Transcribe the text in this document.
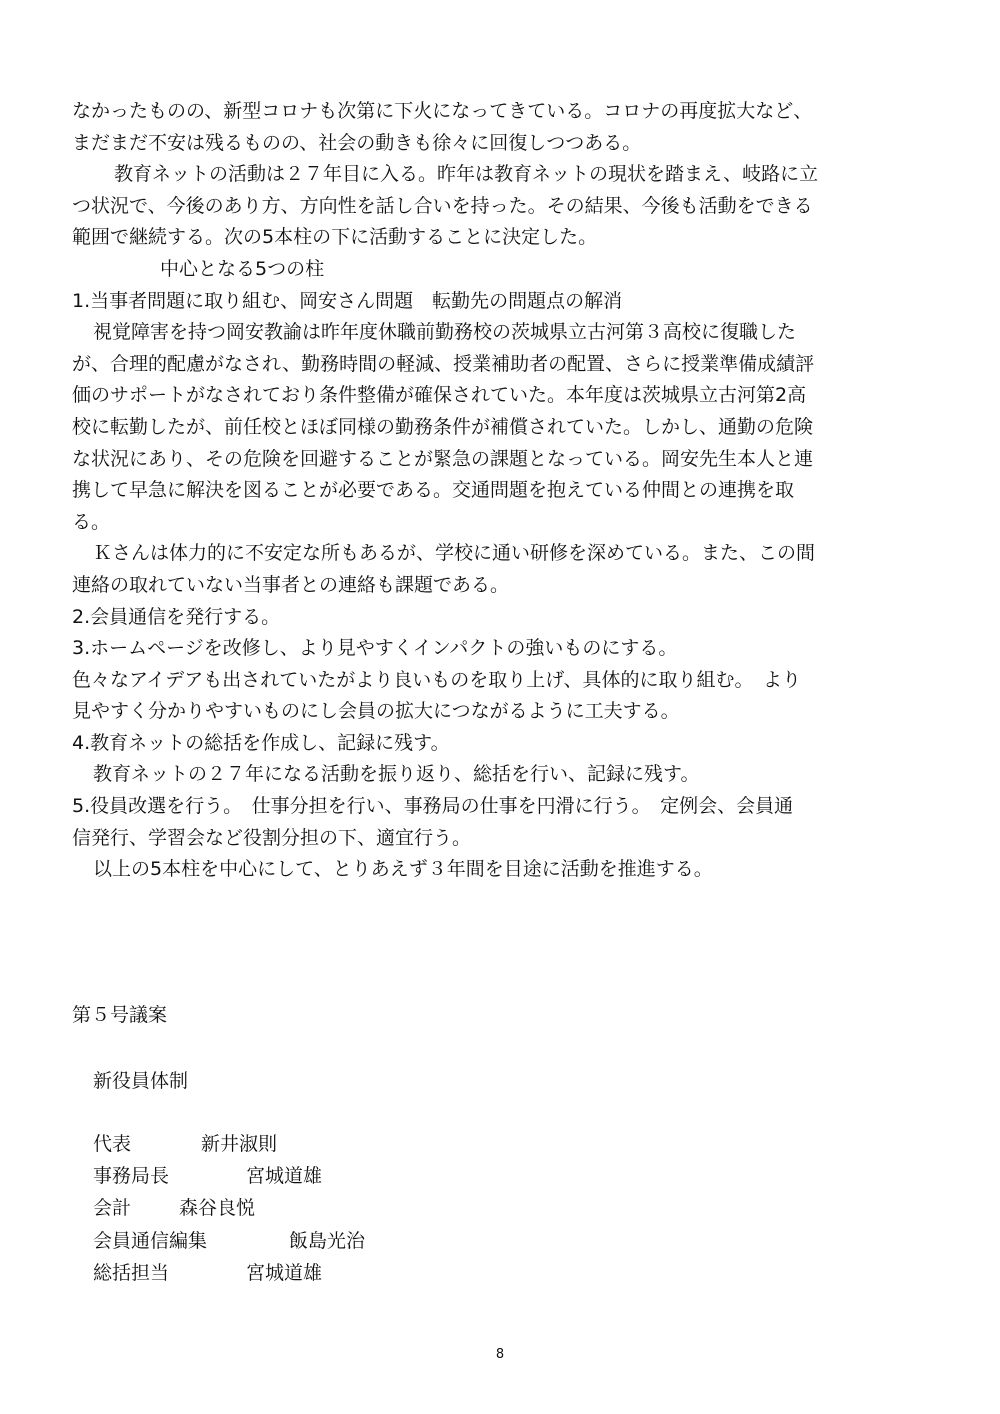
なかったものの、新型コロナも次第に下火になってきている。コロナの再度拡大など、
まだまだ不安は残るものの、社会の動きも徐々に回復しつつある。
教育ネットの活動は２７年目に入る。昨年は教育ネットの現状を踏まえ、岐路に立
つ状況で、今後のあり方、方向性を話し合いを持った。その結果、今後も活動をできる
範囲で継続する。次の5本柱の下に活動することに決定した。
中心となる5つの柱
1.当事者問題に取り組む、岡安さん問題　転勤先の問題点の解消
視覚障害を持つ岡安教諭は昨年度休職前勤務校の茨城県立古河第３高校に復職した
が、合理的配慮がなされ、勤務時間の軽減、授業補助者の配置、さらに授業準備成績評
価のサポートがなされており条件整備が確保されていた。本年度は茨城県立古河第2高
校に転勤したが、前任校とほぼ同様の勤務条件が補償されていた。しかし、通勤の危険
な状況にあり、その危険を回避することが緊急の課題となっている。岡安先生本人と連
携して早急に解決を図ることが必要である。交通問題を抱えている仲間との連携を取
る。
Ｋさんは体力的に不安定な所もあるが、学校に通い研修を深めている。また、この間
連絡の取れていない当事者との連絡も課題である。
2.会員通信を発行する。
3.ホームページを改修し、より見やすくインパクトの強いものにする。
色々なアイデアも出されていたがより良いものを取り上げ、具体的に取り組む。　より
見やすく分かりやすいものにし会員の拡大につながるように工夫する。
4.教育ネットの総括を作成し、記録に残す。
教育ネットの２７年になる活動を振り返り、総括を行い、記録に残す。
5.役員改選を行う。　仕事分担を行い、事務局の仕事を円滑に行う。　定例会、会員通
信発行、学習会など役割分担の下、適宜行う。
以上の5本柱を中心にして、とりあえず３年間を目途に活動を推進する。
第５号議案
新役員体制
代表	新井淑則
事務局長	宮城道雄
会計	森谷良悦
会員通信編集	飯島光治
総括担当	宮城道雄
8
